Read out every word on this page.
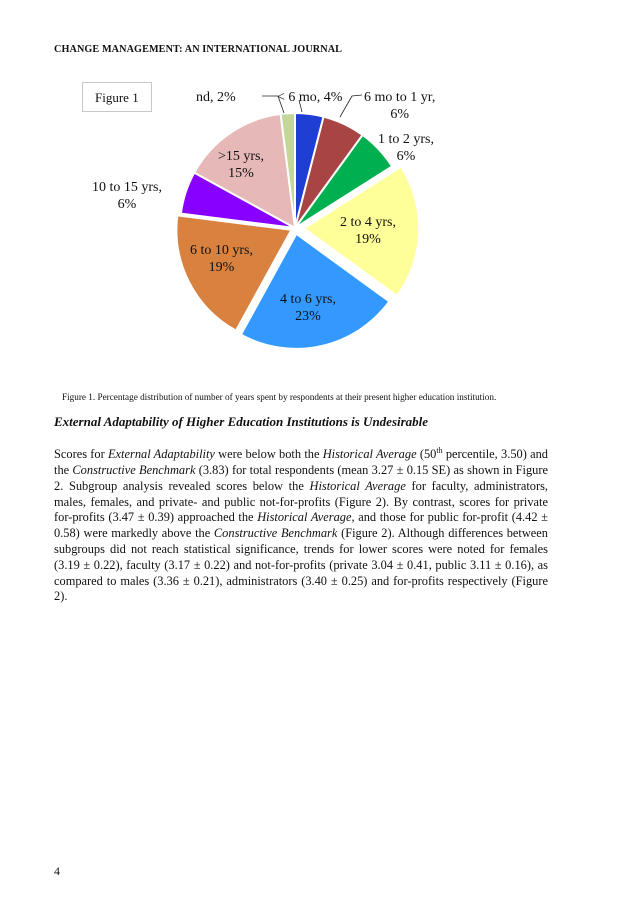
CHANGE MANAGEMENT: AN INTERNATIONAL JOURNAL
Figure 1	nd, 2%	< 6 mo, 4% 6 mo to 1 yr,
6%
1 to 2 yrs,
6%
2 to 4 yrs,
19%
4 to 6 yrs,
23%
6 to 10 yrs,
19%
10 to 15 yrs,
6%
>15 yrs,
15%
Figure 1. Percentage distribution of number of years spent by respondents at their present higher education institution.
External Adaptability of Higher Education Institutions is Undesirable
Scores for External Adaptability were below both the Historical Average (50th percentile, 3.50) and the Constructive Benchmark (3.83) for total respondents (mean 3.27 ± 0.15 SE) as shown in Figure 2. Subgroup analysis revealed scores below the Historical Average for faculty, administrators, males, females, and private- and public not-for-profits (Figure 2). By contrast, scores for private for-profits (3.47 ± 0.39) approached the Historical Average, and those for public for-profit (4.42 ± 0.58) were markedly above the Constructive Benchmark (Figure 2). Although differences between subgroups did not reach statistical significance, trends for lower scores were noted for females (3.19 ± 0.22), faculty (3.17 ± 0.22) and not-for-profits (private 3.04 ± 0.41, public 3.11 ± 0.16), as compared to males (3.36 ± 0.21), administrators (3.40 ± 0.25) and for-profits respectively (Figure 2).
4
